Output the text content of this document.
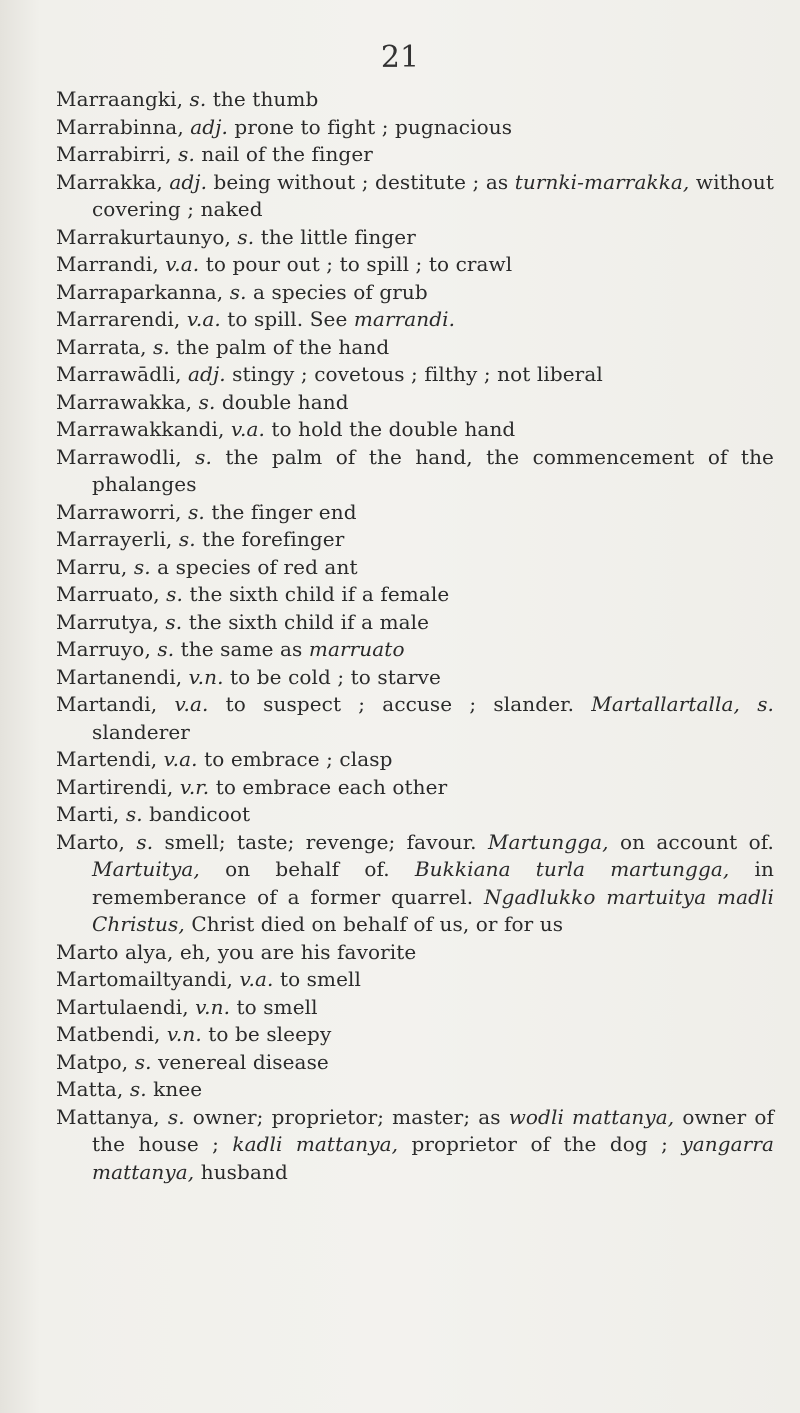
21
Marraangki, s. the thumb
Marrabinna, adj. prone to fight ; pugnacious
Marrabirri, s. nail of the finger
Marrakka, adj. being without ; destitute ; as turnki-marrakka, without covering ; naked
Marrakurtaunyo, s. the little finger
Marrandi, v.a. to pour out ; to spill ; to crawl
Marraparkanna, s. a species of grub
Marrarendi, v.a. to spill. See marrandi.
Marrata, s. the palm of the hand
Marrawādli, adj. stingy ; covetous ; filthy ; not liberal
Marrawakka, s. double hand
Marrawakkandi, v.a. to hold the double hand
Marrawodli, s. the palm of the hand, the commencement of the phalanges
Marraworri, s. the finger end
Marrayerli, s. the forefinger
Marru, s. a species of red ant
Marruato, s. the sixth child if a female
Marrutya, s. the sixth child if a male
Marruyo, s. the same as marruato
Martanendi, v.n. to be cold ; to starve
Martandi, v.a. to suspect ; accuse ; slander. Martallartalla, s. slanderer
Martendi, v.a. to embrace ; clasp
Martirendi, v.r. to embrace each other
Marti, s. bandicoot
Marto, s. smell; taste; revenge; favour. Martungga, on account of. Martuitya, on behalf of. Bukkiana turla martungga, in rememberance of a former quarrel. Ngadlukko martuitya madli Christus, Christ died on behalf of us, or for us
Marto alya, eh, you are his favorite
Martomailtyandi, v.a. to smell
Martulaendi, v.n. to smell
Matbendi, v.n. to be sleepy
Matpo, s. venereal disease
Matta, s. knee
Mattanya, s. owner; proprietor; master; as wodli mattanya, owner of the house ; kadli mattanya, proprietor of the dog ; yangarra mattanya, husband
